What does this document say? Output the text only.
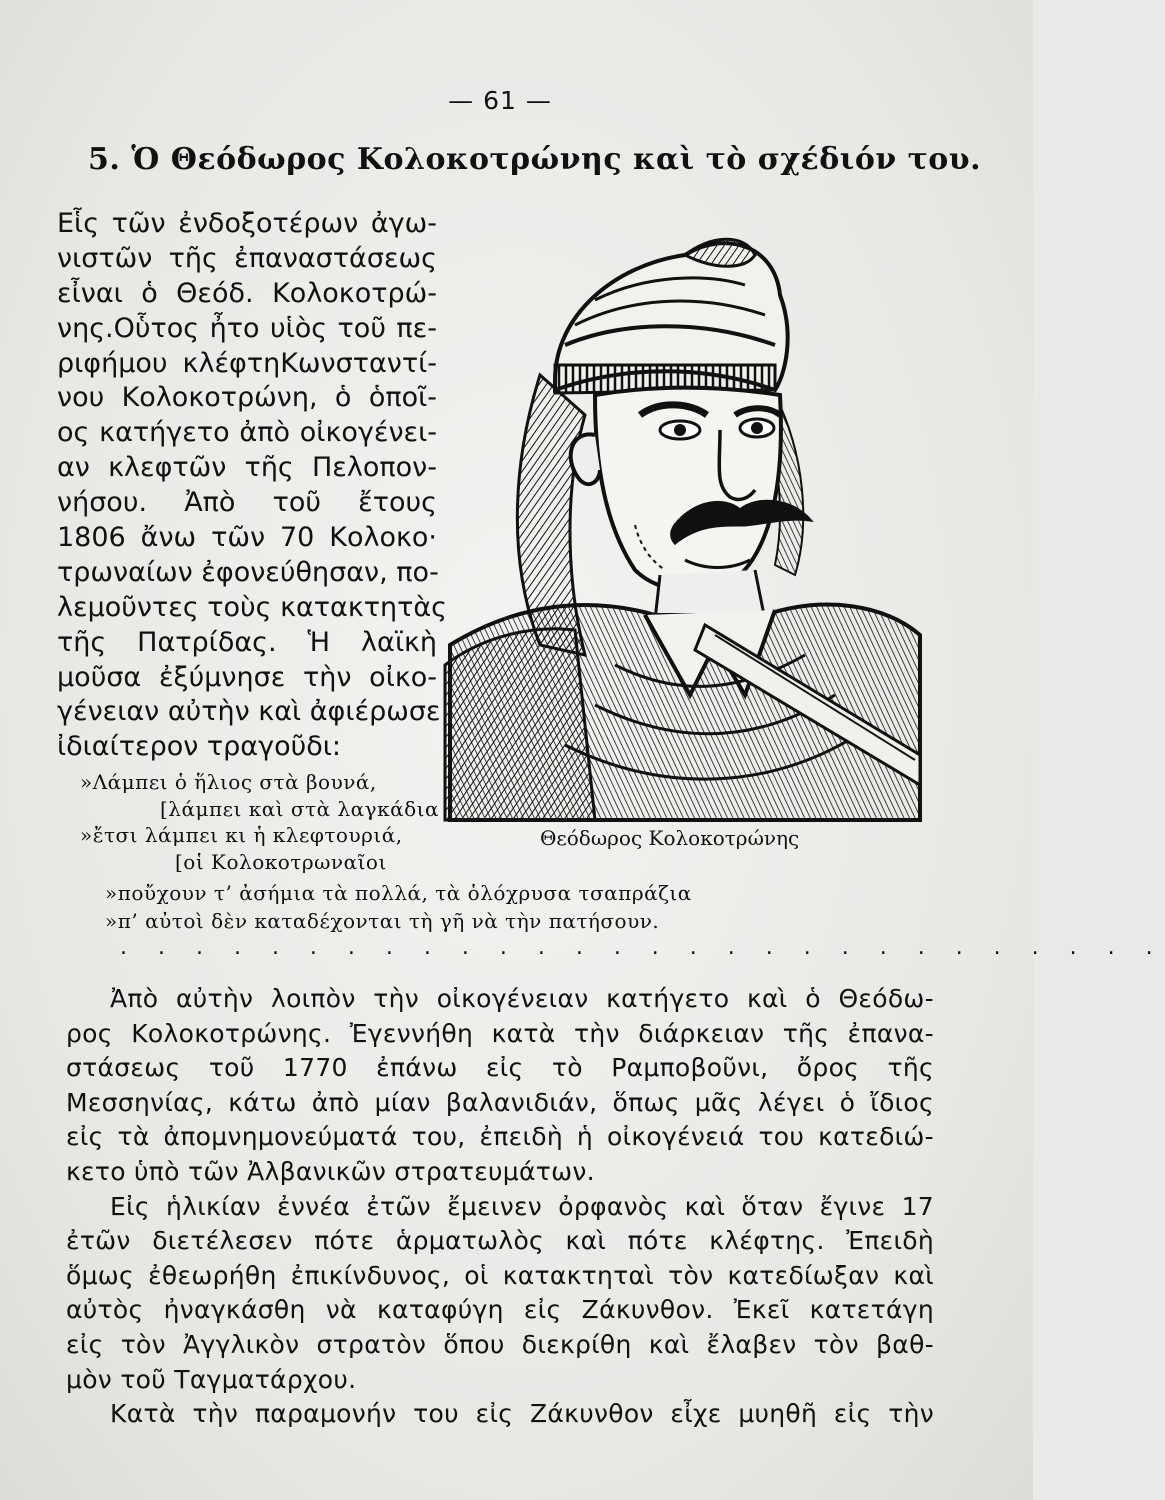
— 61 —
5. Ὁ Θεόδωρος Κολοκοτρώνης καὶ τὸ σχέδιόν του.
Εἷς τῶν ἐνδοξοτέρων ἀγω-
νιστῶν τῆς ἐπαναστάσεως
εἶναι ὁ Θεόδ. Κολοκοτρώ-
νης.Οὗτος ἦτο υἱὸς τοῦ πε-
ριφήμου κλέφτηΚωνσταντί-
νου Κολοκοτρώνη, ὁ ὁποῖ-
ος κατήγετο ἀπὸ οἰκογένει-
αν κλεφτῶν τῆς Πελοπον-
νήσου. Ἀπὸ τοῦ ἔτους
1806 ἄνω τῶν 70 Κολοκο·
τρωναίων ἐφονεύθησαν, πο-
λεμοῦντες τοὺς κατακτητὰς
τῆς Πατρίδας. Ἡ λαϊκὴ
μοῦσα ἐξύμνησε τὴν οἰκο-
γένειαν αὐτὴν καὶ ἀφιέρωσε
ἰδιαίτερον τραγοῦδι:
Θεόδωρος Κολοκοτρώνης
»Λάμπει ὁ ἥλιος στὰ βουνά,
[λάμπει καὶ στὰ λαγκάδια
»ἔτσι λάμπει κι ἡ κλεφτουριά,
[οἱ Κολοκοτρωναῖοι
»ποὔχουν τ’ ἀσήμια τὰ πολλά, τὰ ὁλόχρυσα τσαπράζια
»π’ αὐτοὶ δὲν καταδέχονται τὴ γῆ νὰ τὴν πατήσουν.
. . . . . . . . . . . . . . . . . . . . . . . . . . . .
Ἀπὸ αὐτὴν λοιπὸν τὴν οἰκογένειαν κατήγετο καὶ ὁ Θεόδω-
ρος Κολοκοτρώνης. Ἐγεννήθη κατὰ τὴν διάρκειαν τῆς ἐπανα-
στάσεως τοῦ 1770 ἐπάνω εἰς τὸ Ραμποβοῦνι, ὄρος τῆς
Μεσσηνίας, κάτω ἀπὸ μίαν βαλανιδιάν, ὅπως μᾶς λέγει ὁ ἴδιος
εἰς τὰ ἀπομνημονεύματά του, ἐπειδὴ ἡ οἰκογένειά του κατεδιώ-
κετο ὑπὸ τῶν Ἀλβανικῶν στρατευμάτων.
Εἰς ἡλικίαν ἐννέα ἐτῶν ἔμεινεν ὀρφανὸς καὶ ὅταν ἔγινε 17
ἐτῶν διετέλεσεν πότε ἁρματωλὸς καὶ πότε κλέφτης. Ἐπειδὴ
ὅμως ἐθεωρήθη ἐπικίνδυνος, οἱ κατακτηταὶ τὸν κατεδίωξαν καὶ
αὐτὸς ἠναγκάσθη νὰ καταφύγη εἰς Ζάκυνθον. Ἐκεῖ κατετάγη
εἰς τὸν Ἀγγλικὸν στρατὸν ὅπου διεκρίθη καὶ ἔλαβεν τὸν βαθ-
μὸν τοῦ Ταγματάρχου.
Κατὰ τὴν παραμονήν του εἰς Ζάκυνθον εἶχε μυηθῆ εἰς τὴν
